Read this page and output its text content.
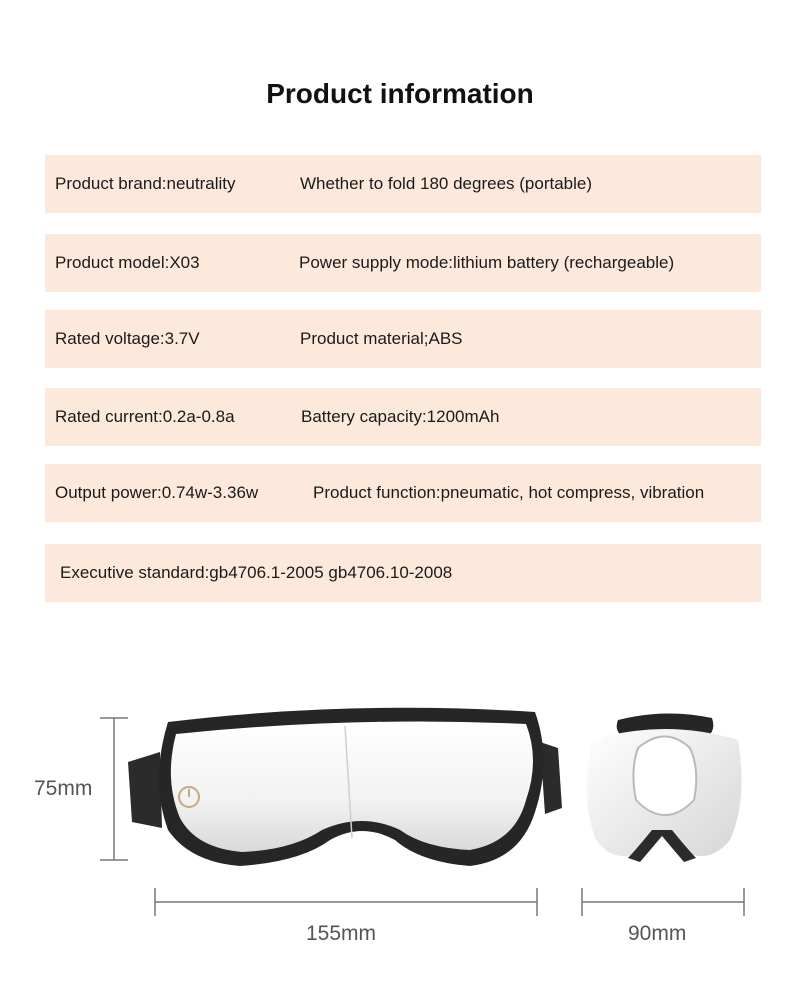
Product information
Product brand:neutrality	Whether to fold 180 degrees (portable)
Product model:X03	Power supply mode:lithium battery (rechargeable)
Rated voltage:3.7V	Product material;ABS
Rated current:0.2a-0.8a	Battery capacity:1200mAh
Output power:0.74w-3.36w	Product function:pneumatic, hot compress, vibration
Executive standard:gb4706.1-2005 gb4706.10-2008
75mm
155mm	90mm
